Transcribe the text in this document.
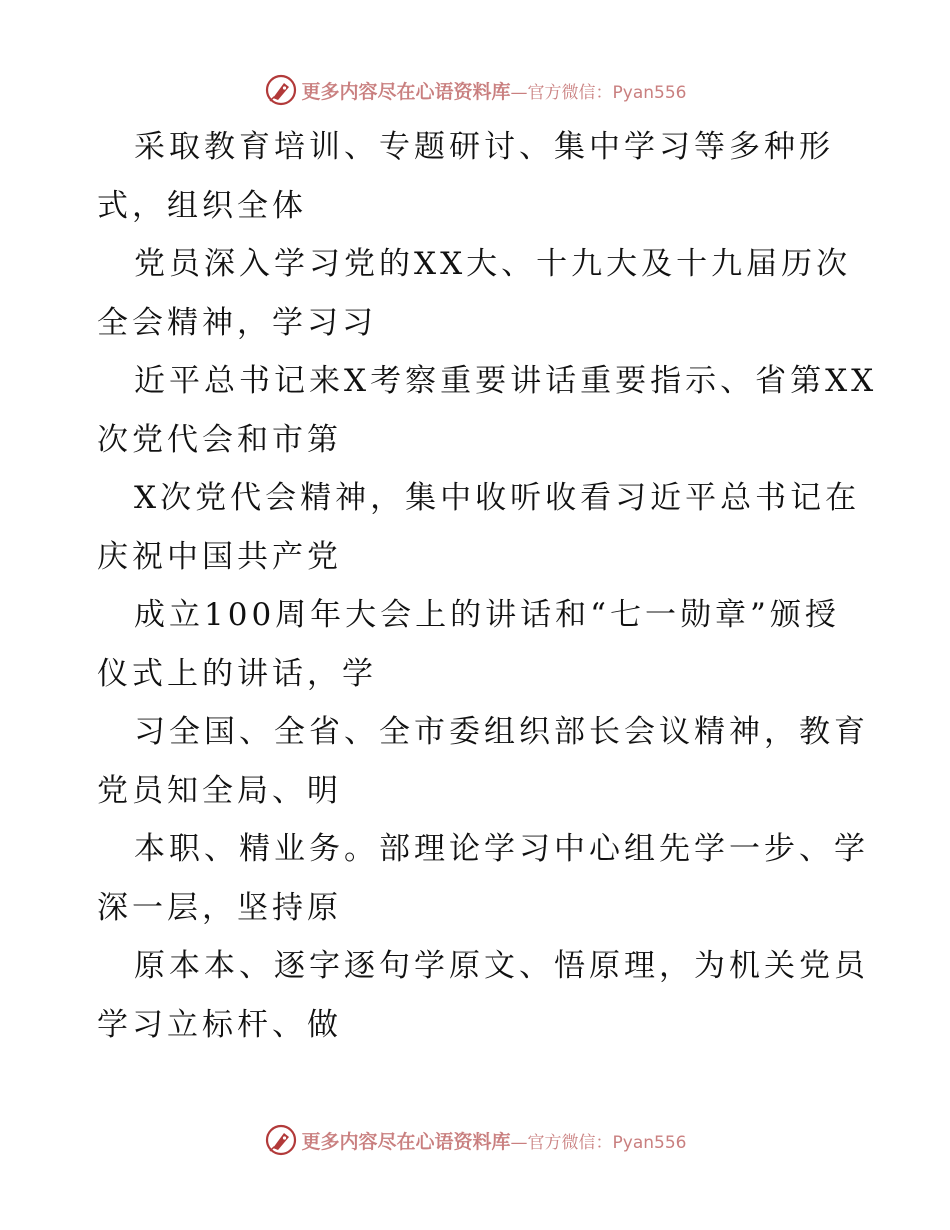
更多内容尽在心语资料库 —官方微信：Pyan556
采取教育培训、专题研讨、集中学习等多种形
式，组织全体
党员深入学习党的XX大、十九大及十九届历次
全会精神，学习习
近平总书记来X考察重要讲话重要指示、省第XX
次党代会和市第
X次党代会精神，集中收听收看习近平总书记在
庆祝中国共产党
成立100周年大会上的讲话和“七一勋章”颁授
仪式上的讲话，学
习全国、全省、全市委组织部长会议精神，教育
党员知全局、明
本职、精业务。部理论学习中心组先学一步、学
深一层，坚持原
原本本、逐字逐句学原文、悟原理，为机关党员
学习立标杆、做
更多内容尽在心语资料库 —官方微信：Pyan556
